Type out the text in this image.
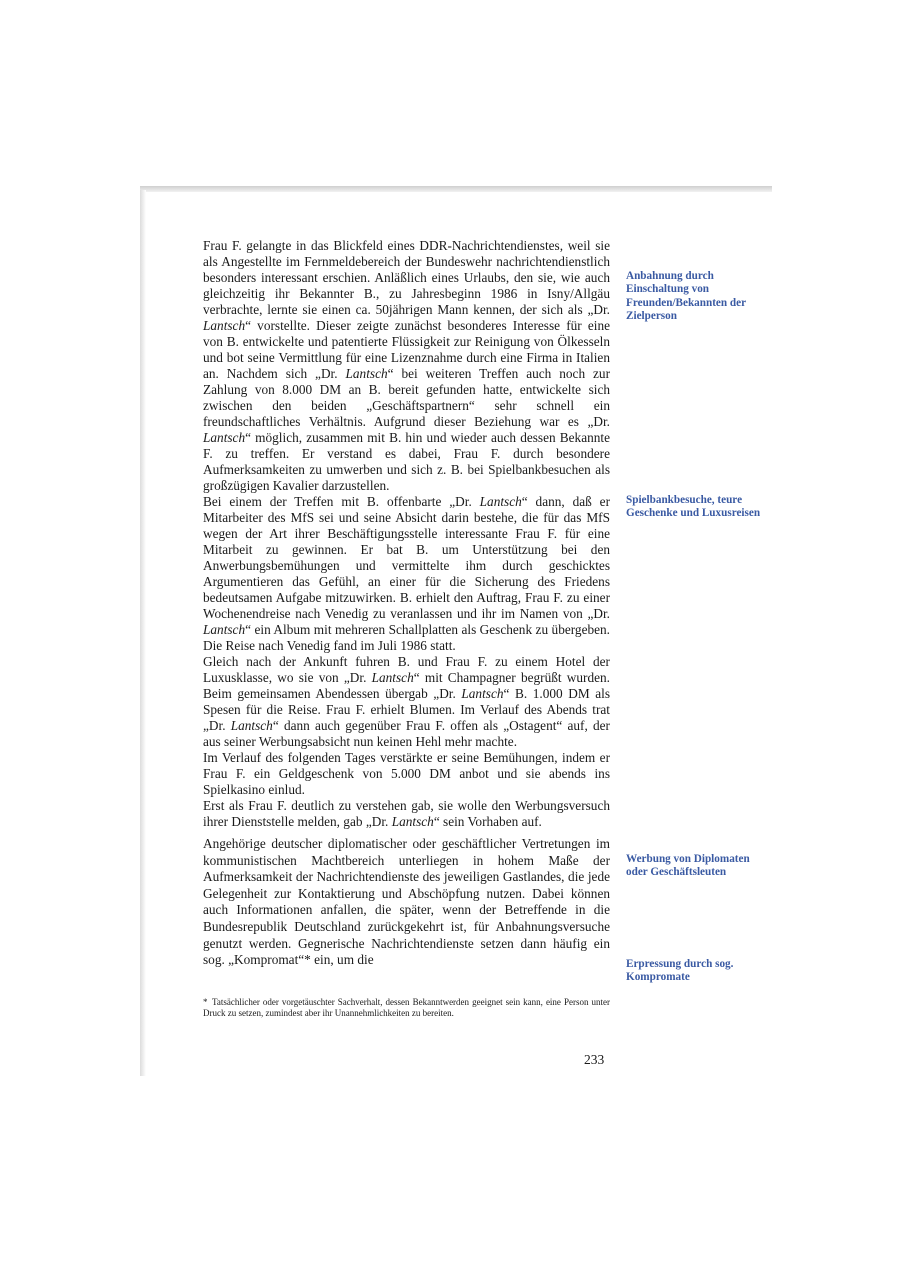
Frau F. gelangte in das Blickfeld eines DDR-Nachrichtendienstes, weil sie als Angestellte im Fernmeldebereich der Bundeswehr nachrichtendienstlich besonders interessant erschien. Anläßlich eines Urlaubs, den sie, wie auch gleichzeitig ihr Bekannter B., zu Jahresbeginn 1986 in Isny/Allgäu verbrachte, lernte sie einen ca. 50jährigen Mann kennen, der sich als „Dr. Lantsch“ vorstellte. Dieser zeigte zunächst besonderes Interesse für eine von B. entwickelte und patentierte Flüssigkeit zur Reinigung von Ölkesseln und bot seine Vermittlung für eine Lizenznahme durch eine Firma in Italien an. Nachdem sich „Dr. Lantsch“ bei weiteren Treffen auch noch zur Zahlung von 8.000 DM an B. bereit gefunden hatte, entwickelte sich zwischen den beiden „Geschäftspartnern“ sehr schnell ein freundschaftliches Verhältnis. Aufgrund dieser Beziehung war es „Dr. Lantsch“ möglich, zusammen mit B. hin und wieder auch dessen Bekannte F. zu treffen. Er verstand es dabei, Frau F. durch besondere Aufmerksamkeiten zu umwerben und sich z. B. bei Spielbankbesuchen als großzügigen Kavalier darzustellen.

Bei einem der Treffen mit B. offenbarte „Dr. Lantsch“ dann, daß er Mitarbeiter des MfS sei und seine Absicht darin bestehe, die für das MfS wegen der Art ihrer Beschäftigungsstelle interessante Frau F. für eine Mitarbeit zu gewinnen. Er bat B. um Unterstützung bei den Anwerbungsbemühungen und vermittelte ihm durch geschicktes Argumentieren das Gefühl, an einer für die Sicherung des Friedens bedeutsamen Aufgabe mitzuwirken. B. erhielt den Auftrag, Frau F. zu einer Wochenendreise nach Venedig zu veranlassen und ihr im Namen von „Dr. Lantsch“ ein Album mit mehreren Schallplatten als Geschenk zu übergeben. Die Reise nach Venedig fand im Juli 1986 statt.

Gleich nach der Ankunft fuhren B. und Frau F. zu einem Hotel der Luxusklasse, wo sie von „Dr. Lantsch“ mit Champagner begrüßt wurden. Beim gemeinsamen Abendessen übergab „Dr. Lantsch“ B. 1.000 DM als Spesen für die Reise. Frau F. erhielt Blumen. Im Verlauf des Abends trat „Dr. Lantsch“ dann auch gegenüber Frau F. offen als „Ostagent“ auf, der aus seiner Werbungsabsicht nun keinen Hehl mehr machte.

Im Verlauf des folgenden Tages verstärkte er seine Bemühungen, indem er Frau F. ein Geldgeschenk von 5.000 DM anbot und sie abends ins Spielkasino einlud.

Erst als Frau F. deutlich zu verstehen gab, sie wolle den Werbungsversuch ihrer Dienststelle melden, gab „Dr. Lantsch“ sein Vorhaben auf.

Angehörige deutscher diplomatischer oder geschäftlicher Vertretungen im kommunistischen Machtbereich unterliegen in hohem Maße der Aufmerksamkeit der Nachrichtendienste des jeweiligen Gastlandes, die jede Gelegenheit zur Kontaktierung und Abschöpfung nutzen. Dabei können auch Informationen anfallen, die später, wenn der Betreffende in die Bundesrepublik Deutschland zurückgekehrt ist, für Anbahnungsversuche genutzt werden. Gegnerische Nachrichtendienste setzen dann häufig ein sog. „Kompromat“* ein, um die

Anbahnung durch Einschaltung von Freunden/Bekannten der Zielperson
Spielbankbesuche, teure Geschenke und Luxusreisen
Werbung von Diplomaten oder Geschäftsleuten
Erpressung durch sog. Kompromate
* Tatsächlicher oder vorgetäuschter Sachverhalt, dessen Bekanntwerden geeignet sein kann, eine Person unter Druck zu setzen, zumindest aber ihr Unannehmlichkeiten zu bereiten.
233
